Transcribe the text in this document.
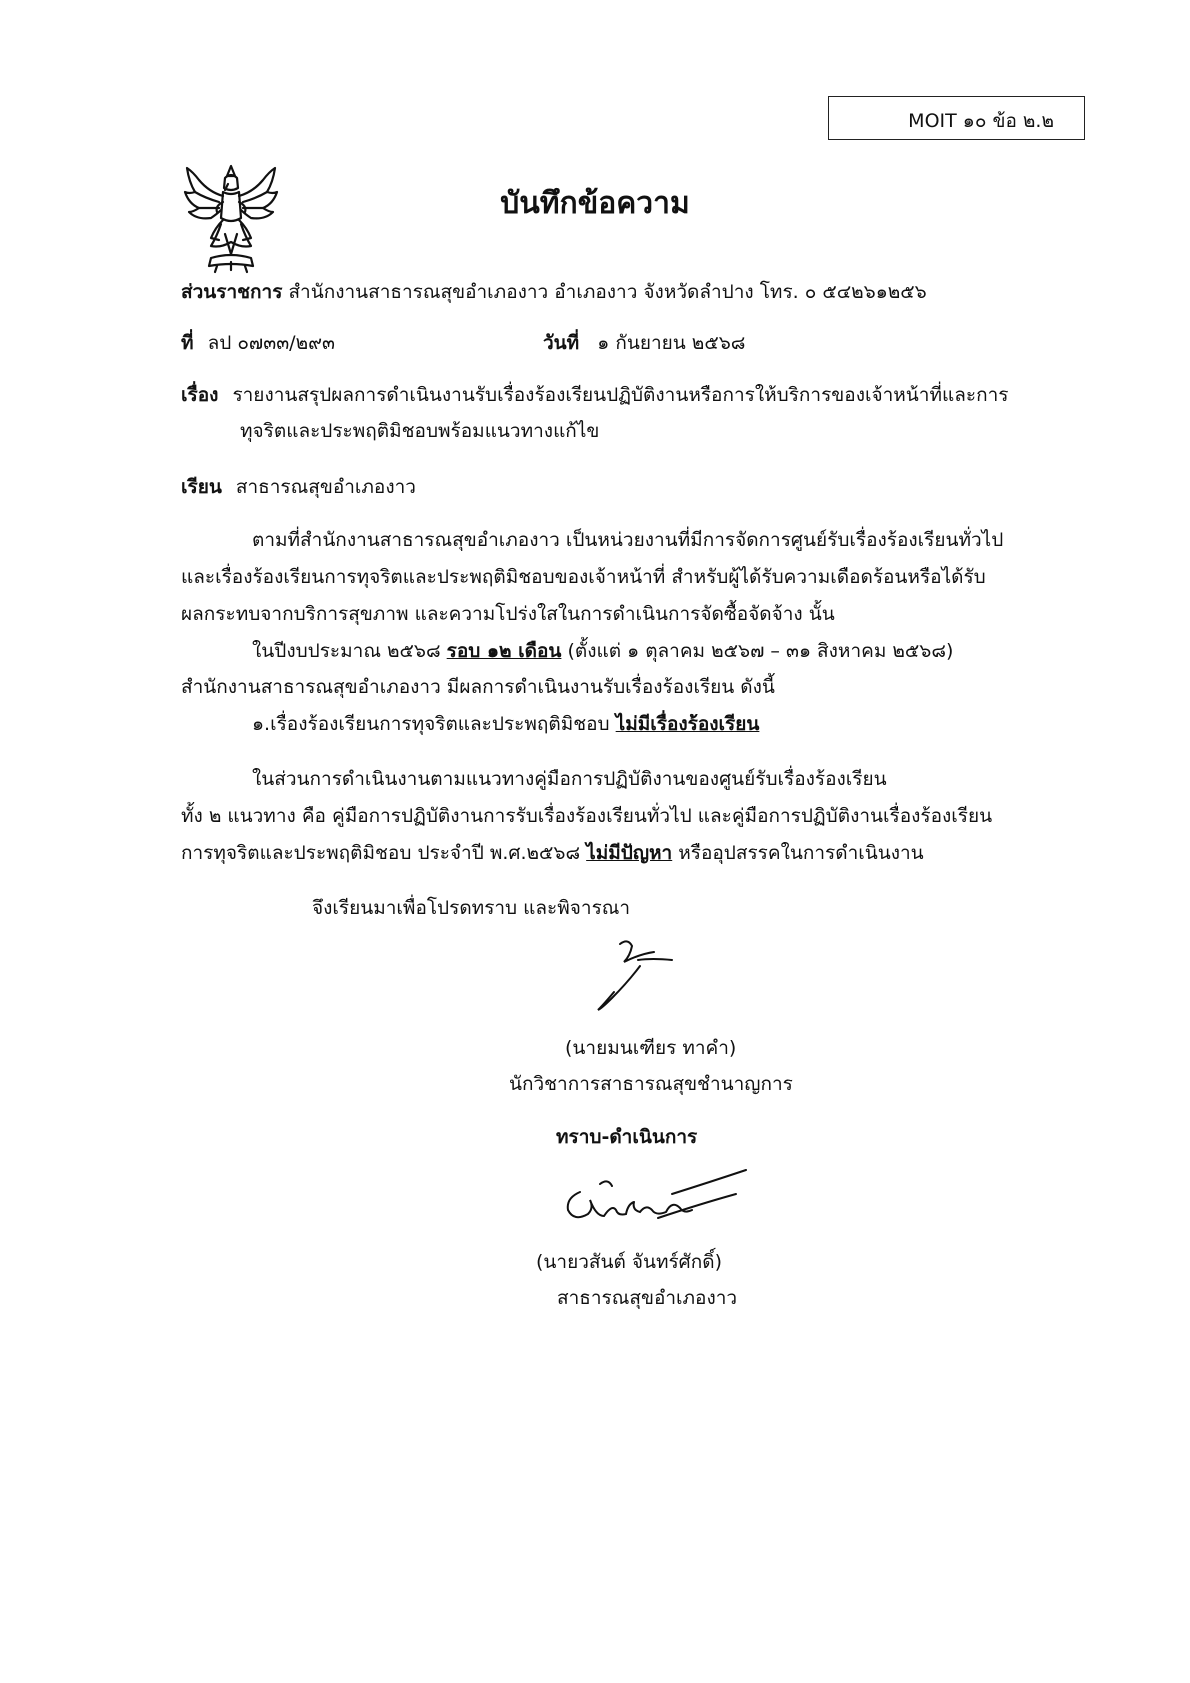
MOIT ๑๐ ข้อ ๒.๒
บันทึกข้อความ
ส่วนราชการ สำนักงานสาธารณสุขอำเภองาว อำเภองาว จังหวัดลำปาง โทร. ๐ ๕๔๒๖๑๒๕๖
ที่ ลป ๐๗๓๓/๒๙๓	วันที่ ๑ กันยายน ๒๕๖๘
เรื่อง รายงานสรุปผลการดำเนินงานรับเรื่องร้องเรียนปฏิบัติงานหรือการให้บริการของเจ้าหน้าที่และการ
ทุจริตและประพฤติมิชอบพร้อมแนวทางแก้ไข
เรียน สาธารณสุขอำเภองาว
ตามที่สำนักงานสาธารณสุขอำเภองาว เป็นหน่วยงานที่มีการจัดการศูนย์รับเรื่องร้องเรียนทั่วไป
และเรื่องร้องเรียนการทุจริตและประพฤติมิชอบของเจ้าหน้าที่ สำหรับผู้ได้รับความเดือดร้อนหรือได้รับ
ผลกระทบจากบริการสุขภาพ และความโปร่งใสในการดำเนินการจัดซื้อจัดจ้าง นั้น
ในปีงบประมาณ ๒๕๖๘ รอบ ๑๒ เดือน (ตั้งแต่ ๑ ตุลาคม ๒๕๖๗ – ๓๑ สิงหาคม ๒๕๖๘)
สำนักงานสาธารณสุขอำเภองาว มีผลการดำเนินงานรับเรื่องร้องเรียน ดังนี้
๑.เรื่องร้องเรียนการทุจริตและประพฤติมิชอบ ไม่มีเรื่องร้องเรียน
ในส่วนการดำเนินงานตามแนวทางคู่มือการปฏิบัติงานของศูนย์รับเรื่องร้องเรียน
ทั้ง ๒ แนวทาง คือ คู่มือการปฏิบัติงานการรับเรื่องร้องเรียนทั่วไป และคู่มือการปฏิบัติงานเรื่องร้องเรียน
การทุจริตและประพฤติมิชอบ ประจำปี พ.ศ.๒๕๖๘ ไม่มีปัญหา หรืออุปสรรคในการดำเนินงาน
จึงเรียนมาเพื่อโปรดทราบ และพิจารณา
(นายมนเฑียร ทาคำ)
นักวิชาการสาธารณสุขชำนาญการ
ทราบ-ดำเนินการ
(นายวสันต์ จันทร์ศักดิ์)
สาธารณสุขอำเภองาว
